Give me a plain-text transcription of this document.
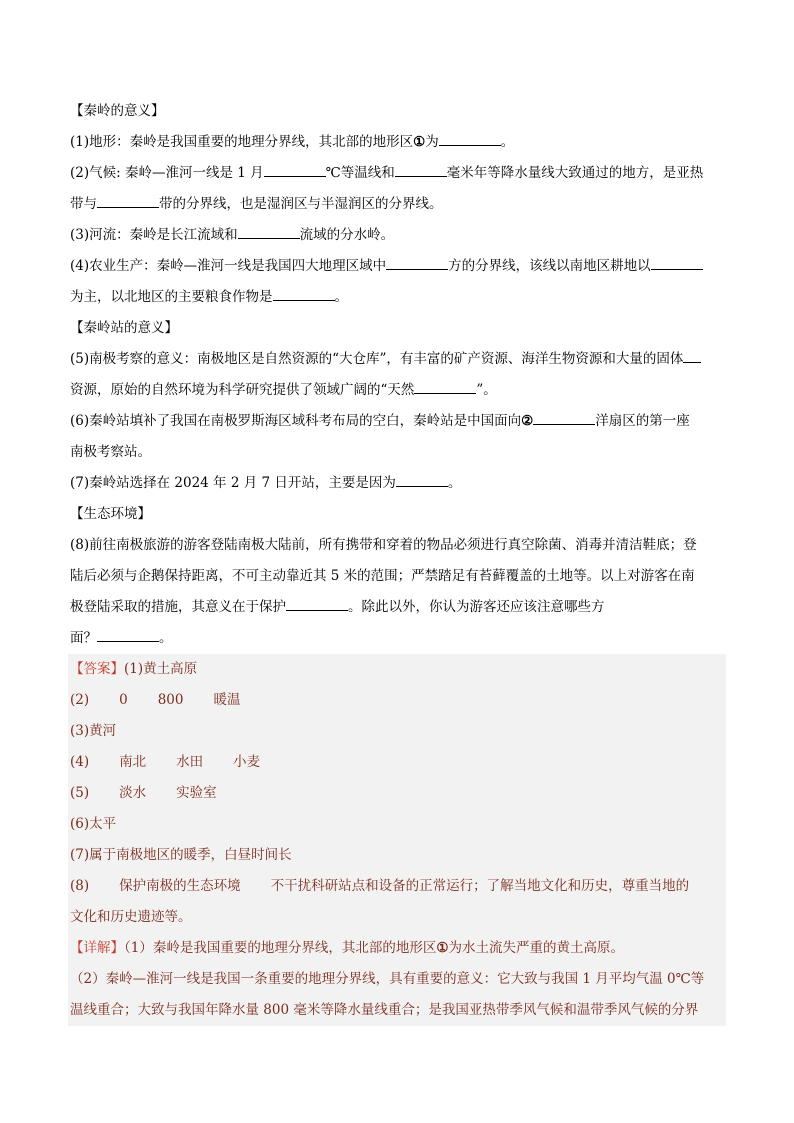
【秦岭的意义】
(1)地形：秦岭是我国重要的地理分界线，其北部的地形区①为	。
(2)气候: 秦岭—淮河一线是 1 月	℃等温线和	毫米年等降水量线大致通过的地方，是亚热
带与	带的分界线，也是湿润区与半湿润区的分界线。
(3)河流：秦岭是长江流域和	流域的分水岭。
(4)农业生产：秦岭—淮河一线是我国四大地理区域中	方的分界线，该线以南地区耕地以
为主，以北地区的主要粮食作物是	。
【秦岭站的意义】
(5)南极考察的意义：南极地区是自然资源的“大仓库”，有丰富的矿产资源、海洋生物资源和大量的固体
资源，原始的自然环境为科学研究提供了领域广阔的“天然	”。
(6)秦岭站填补了我国在南极罗斯海区域科考布局的空白，秦岭站是中国面向②	洋扇区的第一座
南极考察站。
(7)秦岭站选择在 2024 年 2 月 7 日开站，主要是因为	。
【生态环境】
(8)前往南极旅游的游客登陆南极大陆前，所有携带和穿着的物品必须进行真空除菌、消毒并清洁鞋底；登
陆后必须与企鹅保持距离，不可主动靠近其 5 米的范围；严禁踏足有苔藓覆盖的土地等。以上对游客在南
极登陆采取的措施，其意义在于保护	。除此以外，你认为游客还应该注意哪些方
面？	。
【答案】(1)黄土高原
(2) 0 800 暖温
(3)黄河
(4) 南北 水田 小麦
(5) 淡水 实验室
(6)太平
(7)属于南极地区的暖季，白昼时间长
(8) 保护南极的生态环境 不干扰科研站点和设备的正常运行；了解当地文化和历史，尊重当地的
文化和历史遗迹等。
【详解】（1）秦岭是我国重要的地理分界线，其北部的地形区①为水土流失严重的黄土高原。
（2）秦岭—淮河一线是我国一条重要的地理分界线，具有重要的意义：它大致与我国 1 月平均气温 0℃等
温线重合；大致与我国年降水量 800 毫米等降水量线重合；是我国亚热带季风气候和温带季风气候的分界
